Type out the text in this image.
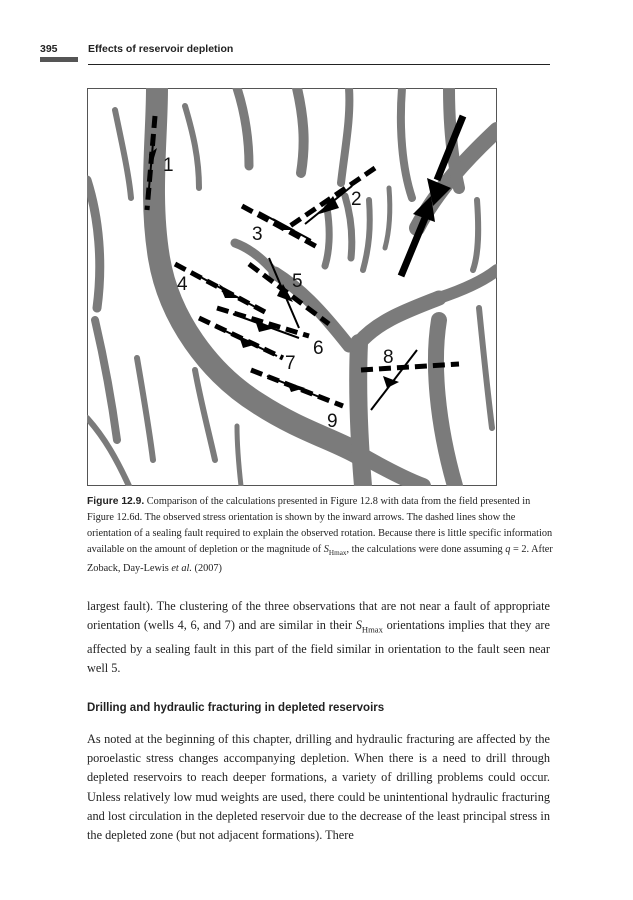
395	Effects of reservoir depletion
1
2
3
4	5
6
7	8
9
Figure 12.9. Comparison of the calculations presented in Figure 12.8 with data from the field presented in Figure 12.6d. The observed stress orientation is shown by the inward arrows. The dashed lines show the orientation of a sealing fault required to explain the observed rotation. Because there is little specific information available on the amount of depletion or the magnitude of $S_{Hmax}$, the calculations were done assuming q = 2. After Zoback, Day-Lewis et al. (2007)

largest fault). The clustering of the three observations that are not near a fault of appropriate orientation (wells 4, 6, and 7) and are similar in their $S_{Hmax}$ orientations implies that they are affected by a sealing fault in this part of the field similar in orientation to the fault seen near well 5.

Drilling and hydraulic fracturing in depleted reservoirs

As noted at the beginning of this chapter, drilling and hydraulic fracturing are affected by the poroelastic stress changes accompanying depletion. When there is a need to drill through depleted reservoirs to reach deeper formations, a variety of drilling problems could occur. Unless relatively low mud weights are used, there could be unintentional hydraulic fracturing and lost circulation in the depleted reservoir due to the decrease of the least principal stress in the depleted zone (but not adjacent formations). There
